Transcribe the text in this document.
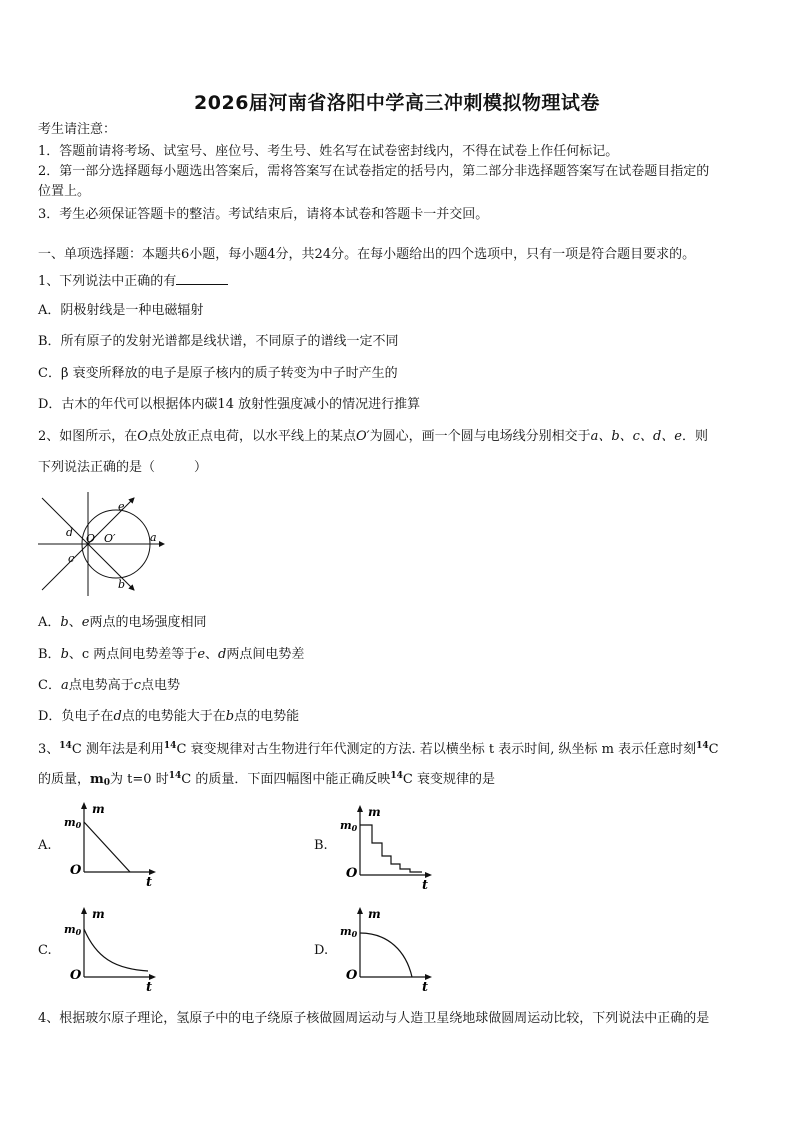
2026届河南省洛阳中学高三冲刺模拟物理试卷
考生请注意：
1．答题前请将考场、试室号、座位号、考生号、姓名写在试卷密封线内，不得在试卷上作任何标记。
2．第一部分选择题每小题选出答案后，需将答案写在试卷指定的括号内，第二部分非选择题答案写在试卷题目指定的
位置上。
3．考生必须保证答题卡的整洁。考试结束后，请将本试卷和答题卡一并交回。
一、单项选择题：本题共6小题，每小题4分，共24分。在每小题给出的四个选项中，只有一项是符合题目要求的。
1、下列说法中正确的有
A．阴极射线是一种电磁辐射
B．所有原子的发射光谱都是线状谱，不同原子的谱线一定不同
C．β 衰变所释放的电子是原子核内的质子转变为中子时产生的
D．古木的年代可以根据体内碳14 放射性强度减小的情况进行推算
2、如图所示，在O点处放正点电荷，以水平线上的某点O′为圆心，画一个圆与电场线分别相交于a、b、c、d、e．则
下列说法正确的是（　　　）
e
d O O′	a
c
b
A．b、e两点的电场强度相同
B．b、c 两点间电势差等于e、d两点间电势差
C．a点电势高于c点电势
D．负电子在d点的电势能大于在b点的电势能
3、$^{14}$C 测年法是利用$^{14}$C 衰变规律对古生物进行年代测定的方法. 若以横坐标 t 表示时间, 纵坐标 m 表示任意时刻$^{14}$C
的质量，$m_0$为 t=0 时$^{14}$C 的质量．下面四幅图中能正确反映$^{14}$C 衰变规律的是
A.	B.
C.	D.
m
m0
O
t
m
m0
O
t
m
m0
O
t
m
m0
O
t
4、根据玻尔原子理论，氢原子中的电子绕原子核做圆周运动与人造卫星绕地球做圆周运动比较，下列说法中正确的是
